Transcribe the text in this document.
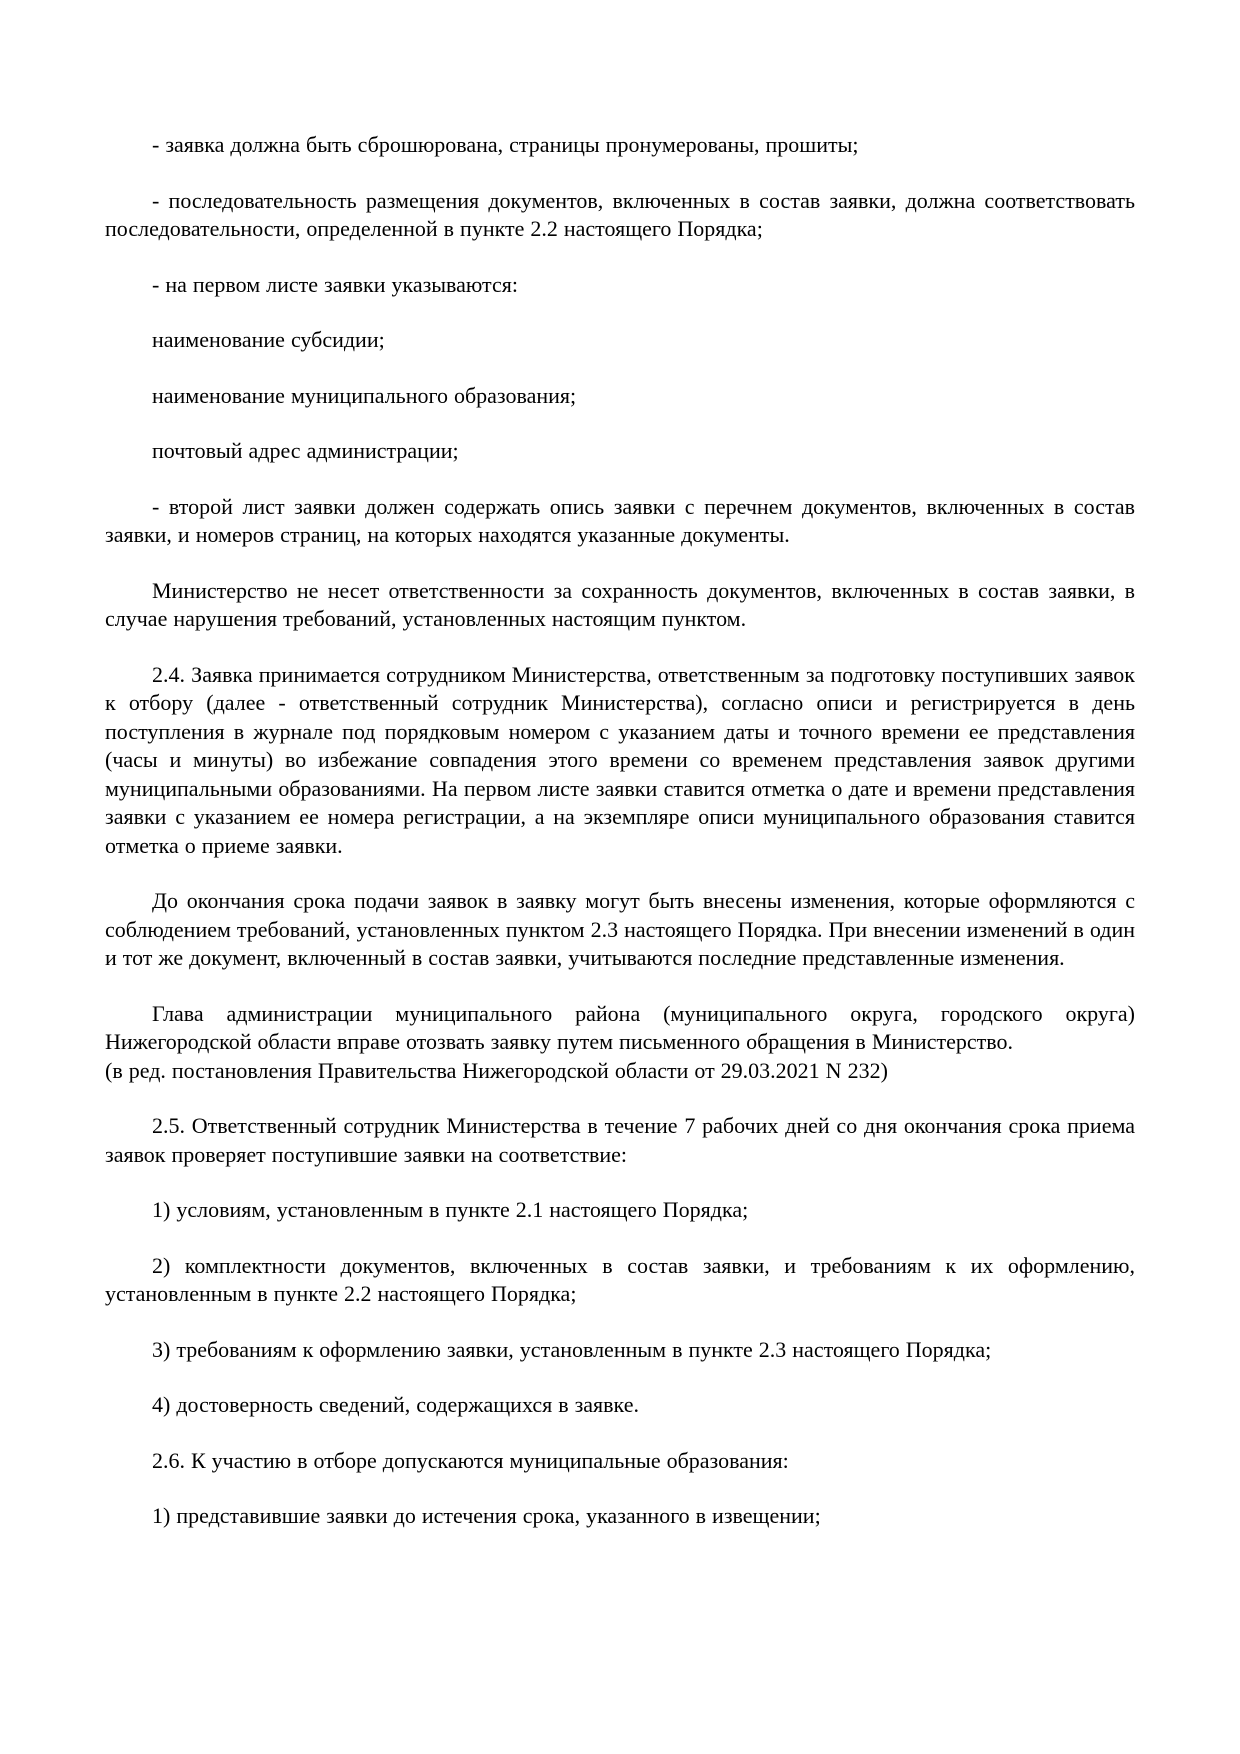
- заявка должна быть сброшюрована, страницы пронумерованы, прошиты;

- последовательность размещения документов, включенных в состав заявки, должна соответствовать последовательности, определенной в пункте 2.2 настоящего Порядка;

- на первом листе заявки указываются:

наименование субсидии;

наименование муниципального образования;

почтовый адрес администрации;

- второй лист заявки должен содержать опись заявки с перечнем документов, включенных в состав заявки, и номеров страниц, на которых находятся указанные документы.

Министерство не несет ответственности за сохранность документов, включенных в состав заявки, в случае нарушения требований, установленных настоящим пунктом.

2.4. Заявка принимается сотрудником Министерства, ответственным за подготовку поступивших заявок к отбору (далее - ответственный сотрудник Министерства), согласно описи и регистрируется в день поступления в журнале под порядковым номером с указанием даты и точного времени ее представления (часы и минуты) во избежание совпадения этого времени со временем представления заявок другими муниципальными образованиями. На первом листе заявки ставится отметка о дате и времени представления заявки с указанием ее номера регистрации, а на экземпляре описи муниципального образования ставится отметка о приеме заявки.

До окончания срока подачи заявок в заявку могут быть внесены изменения, которые оформляются с соблюдением требований, установленных пунктом 2.3 настоящего Порядка. При внесении изменений в один и тот же документ, включенный в состав заявки, учитываются последние представленные изменения.

Глава администрации муниципального района (муниципального округа, городского округа) Нижегородской области вправе отозвать заявку путем письменного обращения в Министерство.

(в ред. постановления Правительства Нижегородской области от 29.03.2021 N 232)

2.5. Ответственный сотрудник Министерства в течение 7 рабочих дней со дня окончания срока приема заявок проверяет поступившие заявки на соответствие:

1) условиям, установленным в пункте 2.1 настоящего Порядка;

2) комплектности документов, включенных в состав заявки, и требованиям к их оформлению, установленным в пункте 2.2 настоящего Порядка;

3) требованиям к оформлению заявки, установленным в пункте 2.3 настоящего Порядка;

4) достоверность сведений, содержащихся в заявке.

2.6. К участию в отборе допускаются муниципальные образования:

1) представившие заявки до истечения срока, указанного в извещении;
